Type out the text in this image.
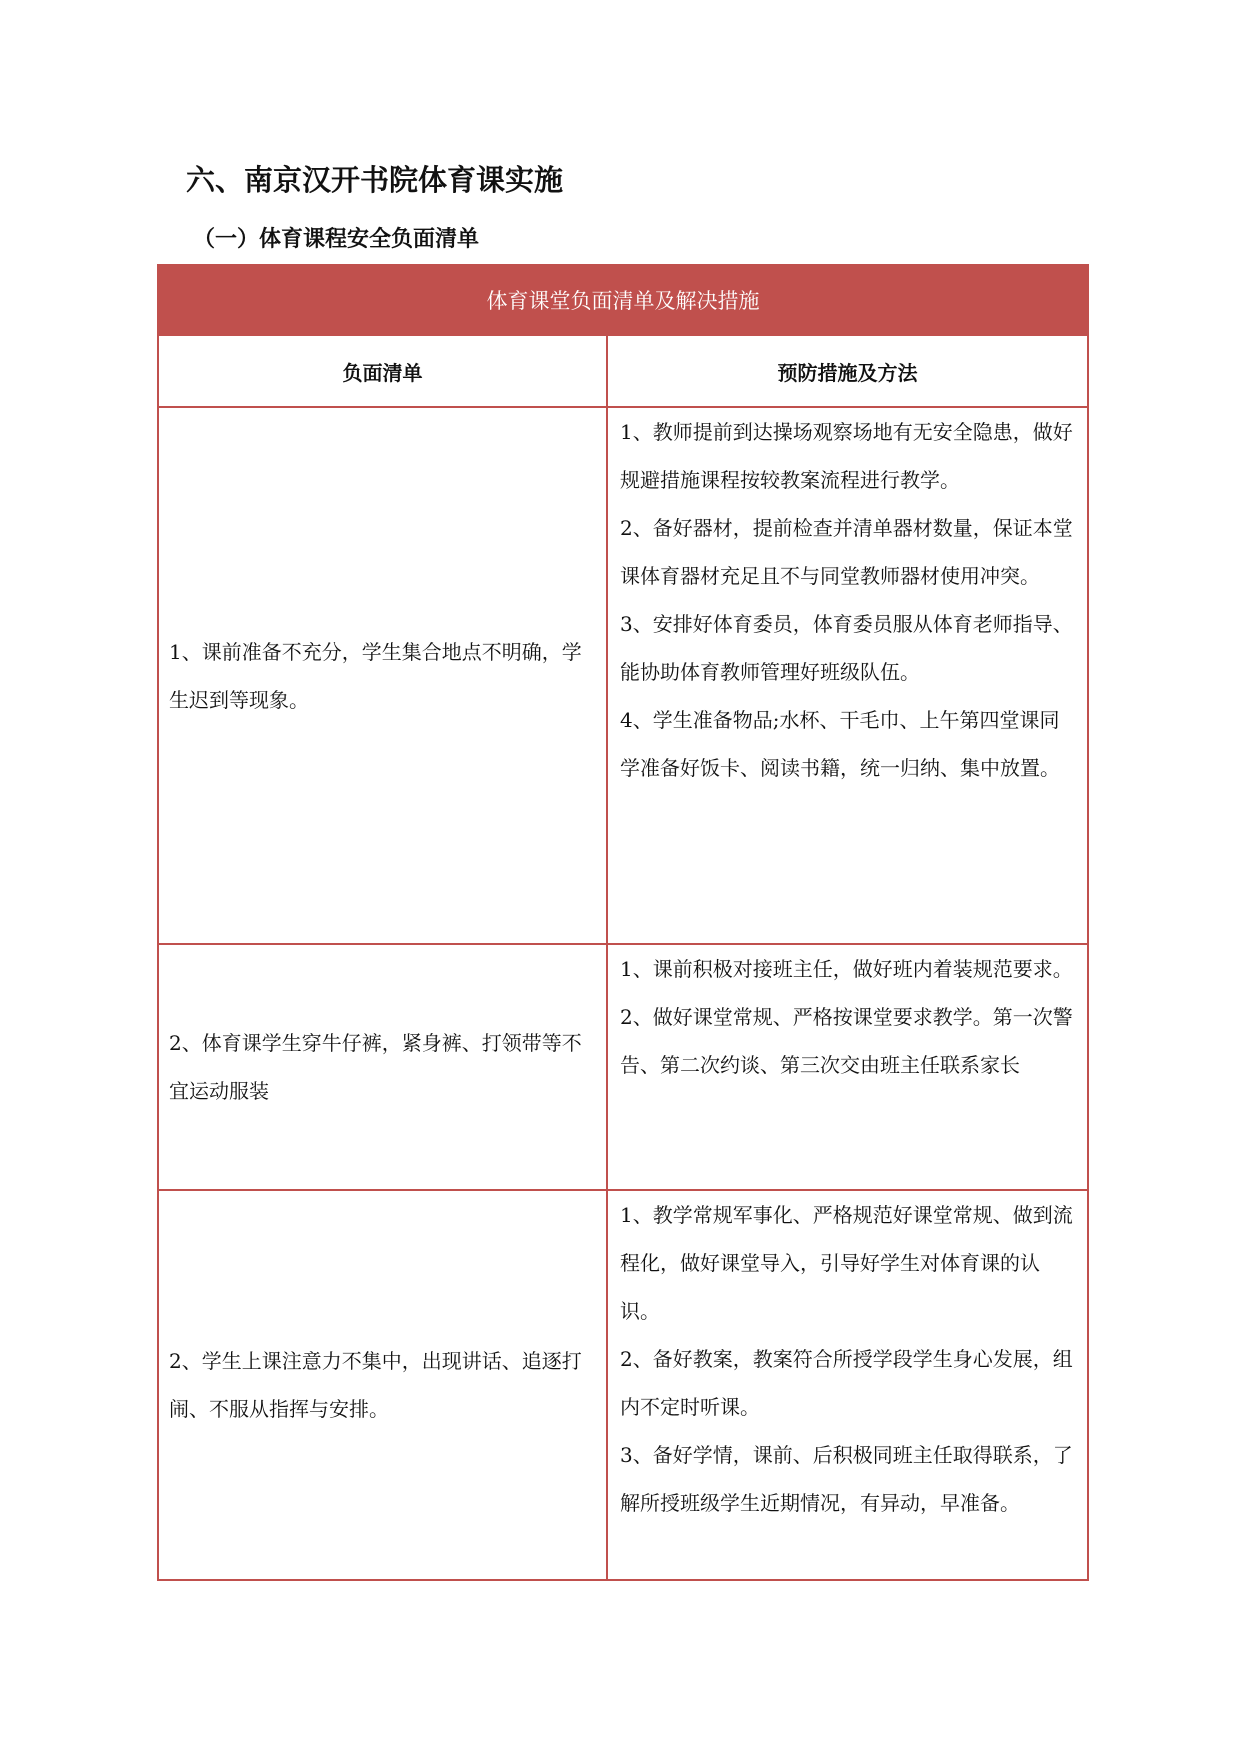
六、南京汉开书院体育课实施
（一）体育课程安全负面清单
体育课堂负面清单及解决措施	
负面清单	预防措施及方法
1、课前准备不充分，学生集合地点不明确，学生迟到等现象。	1、教师提前到达操场观察场地有无安全隐患，做好规避措施课程按较教案流程进行教学。

2、备好器材，提前检查并清单器材数量，保证本堂课体育器材充足且不与同堂教师器材使用冲突。

3、安排好体育委员，体育委员服从体育老师指导、能协助体育教师管理好班级队伍。

4、学生准备物品;水杯、干毛巾、上午第四堂课同学准备好饭卡、阅读书籍，统一归纳、集中放置。

2、体育课学生穿牛仔裤，紧身裤、打领带等不宜运动服装	1、课前积极对接班主任，做好班内着装规范要求。

2、做好课堂常规、严格按课堂要求教学。第一次警告、第二次约谈、第三次交由班主任联系家长

2、学生上课注意力不集中，出现讲话、追逐打闹、不服从指挥与安排。	1、教学常规军事化、严格规范好课堂常规、做到流程化，做好课堂导入，引导好学生对体育课的认识。

2、备好教案，教案符合所授学段学生身心发展，组内不定时听课。

3、备好学情，课前、后积极同班主任取得联系，了解所授班级学生近期情况，有异动，早准备。
